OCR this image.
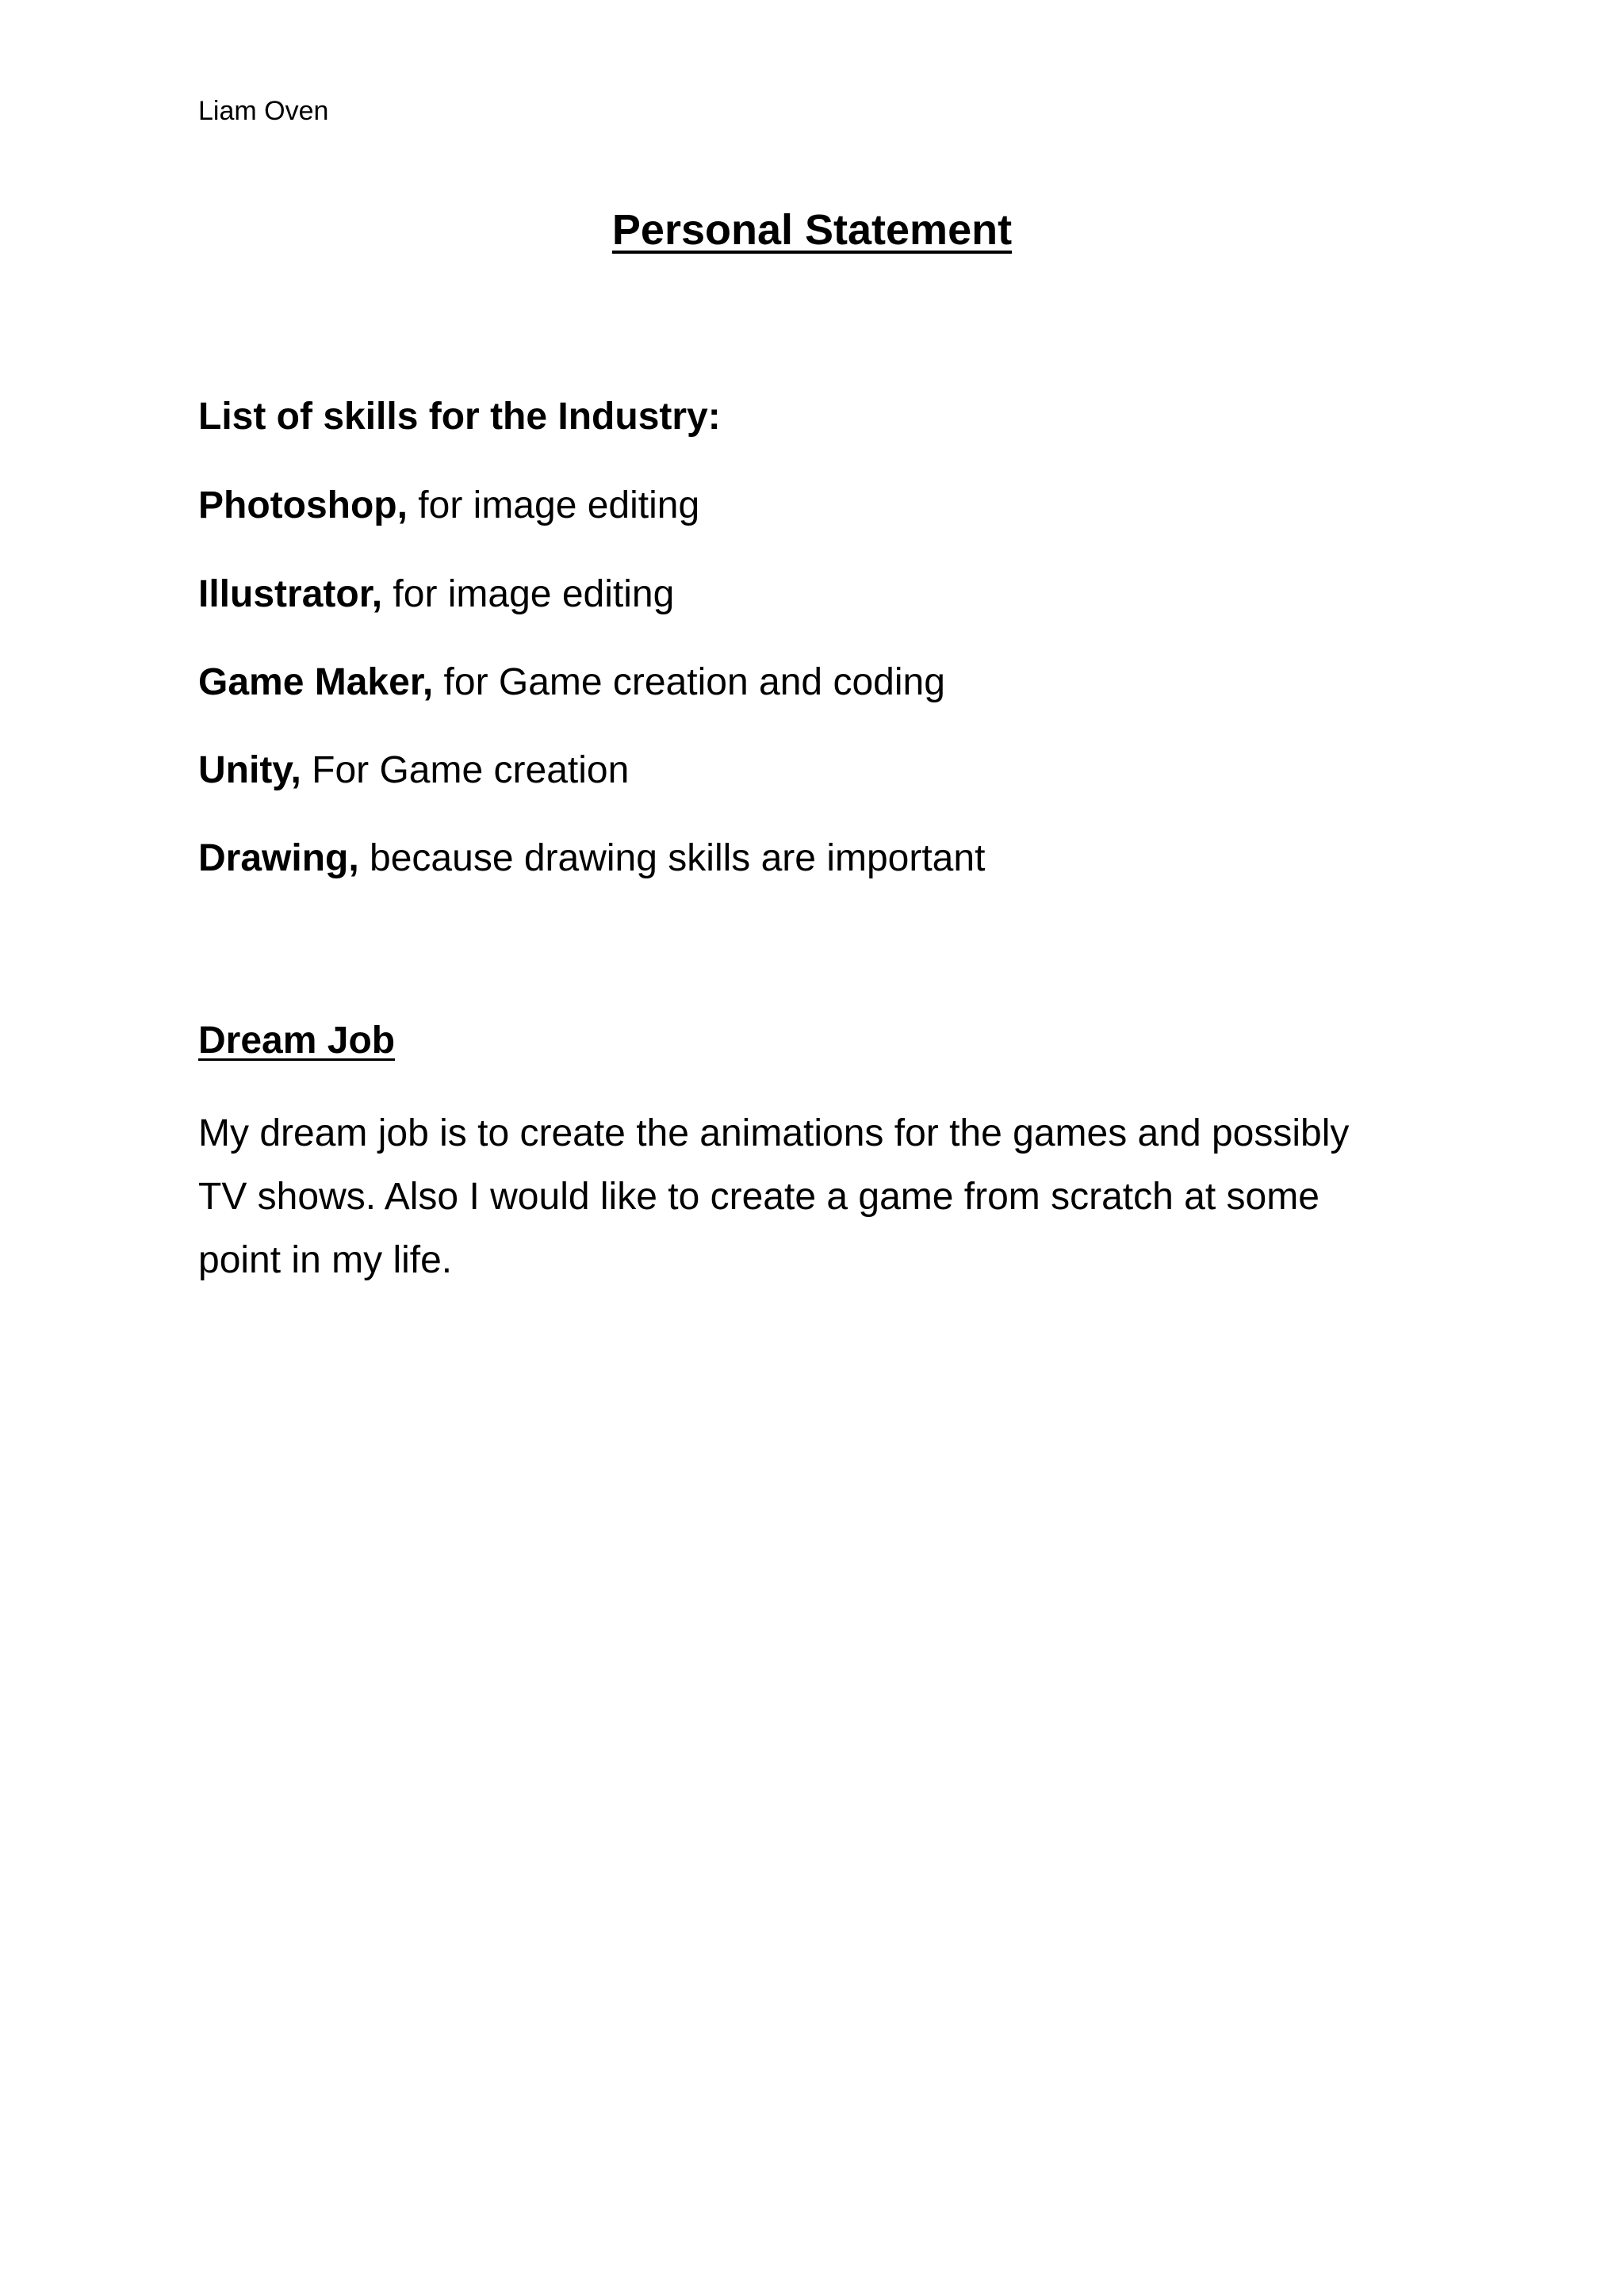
Liam Oven
Personal Statement
List of skills for the Industry:
Photoshop, for image editing
Illustrator, for image editing
Game Maker, for Game creation and coding
Unity, For Game creation
Drawing, because drawing skills are important
Dream Job
My dream job is to create the animations for the games and possibly
TV shows. Also I would like to create a game from scratch at some
point in my life.
